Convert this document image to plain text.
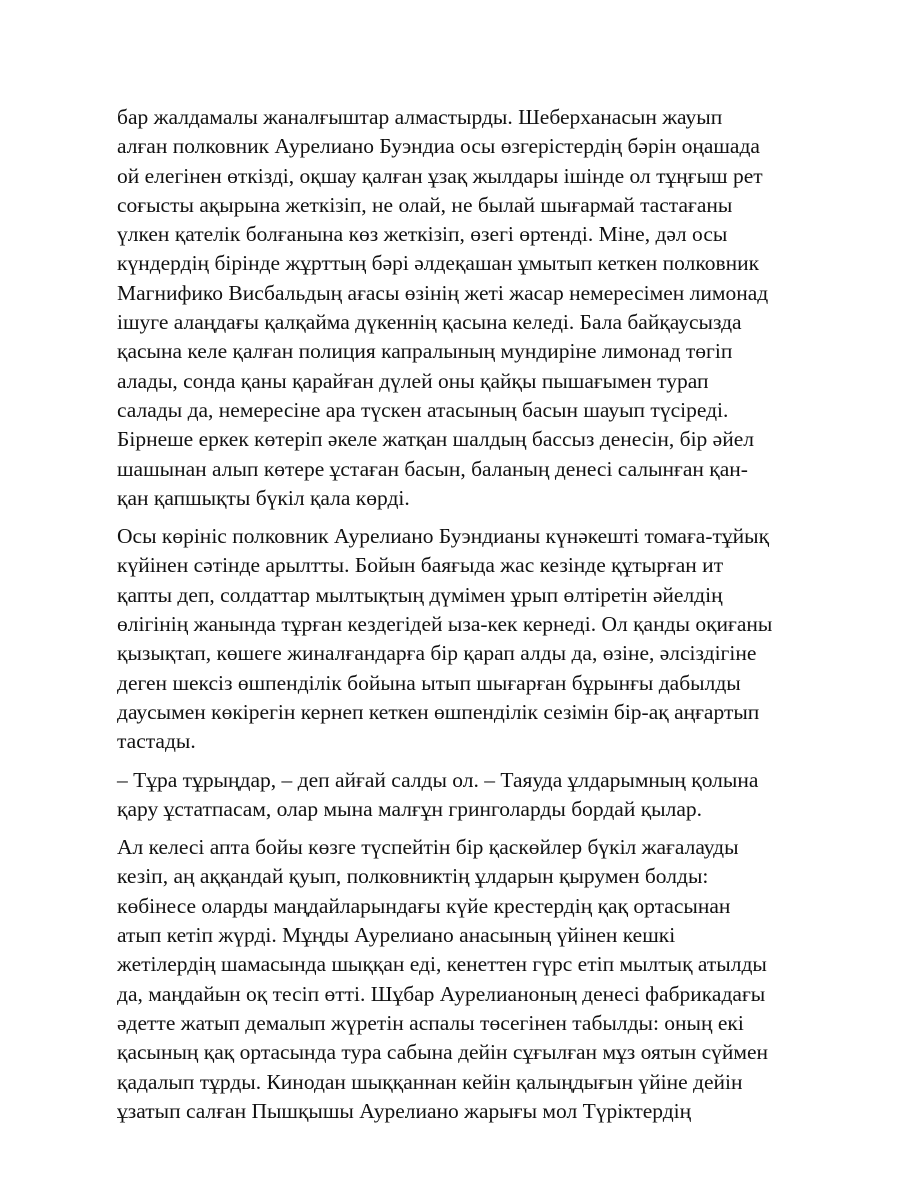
бар жалдамалы жаналғыштар алмастырды. Шеберханасын жауып
алған полковник Аурелиано Буэндиа осы өзгерістердің бәрін оңашада
ой елегінен өткізді, оқшау қалған ұзақ жылдары ішінде ол тұңғыш рет
соғысты ақырына жеткізіп, не олай, не былай шығармай тастағаны
үлкен қателік болғанына көз жеткізіп, өзегі өртенді. Міне, дәл осы
күндердің бірінде жұрттың бәрі әлдеқашан ұмытып кеткен полковник
Магнифико Висбальдың ағасы өзінің жеті жасар немересімен лимонад
ішуге алаңдағы қалқайма дүкеннің қасына келеді. Бала байқаусызда
қасына келе қалған полиция капралының мундиріне лимонад төгіп
алады, сонда қаны қарайған дүлей оны қайқы пышағымен турап
салады да, немересіне ара түскен атасының басын шауып түсіреді.
Бірнеше еркек көтеріп әкеле жатқан шалдың бассыз денесін, бір әйел
шашынан алып көтере ұстаған басын, баланың денесі салынған қан-
қан қапшықты бүкіл қала көрді.

Осы көрініс полковник Аурелиано Буэндианы күнәкешті томаға-тұйық
күйінен сәтінде арылтты. Бойын баяғыда жас кезінде құтырған ит
қапты деп, солдаттар мылтықтың дүмімен ұрып өлтіретін әйелдің
өлігінің жанында тұрған кездегідей ыза-кек кернеді. Ол қанды оқиғаны
қызықтап, көшеге жиналғандарға бір қарап алды да, өзіне, әлсіздігіне
деген шексіз өшпенділік бойына ытып шығарған бұрынғы дабылды
даусымен көкірегін кернеп кеткен өшпенділік сезімін бір-ақ аңғартып
тастады.

– Тұра тұрыңдар, – деп айғай салды ол. – Таяуда ұлдарымның қолына
қару ұстатпасам, олар мына малғұн гринголарды бордай қылар.

Ал келесі апта бойы көзге түспейтін бір қаскөйлер бүкіл жағалауды
кезіп, аң аққандай қуып, полковниктің ұлдарын қырумен болды:
көбінесе оларды маңдайларындағы күйе крестердің қақ ортасынан
атып кетіп жүрді. Мұңды Аурелиано анасының үйінен кешкі
жетілердің шамасында шыққан еді, кенеттен гүрс етіп мылтық атылды
да, маңдайын оқ тесіп өтті. Шұбар Аурелианоның денесі фабрикадағы
әдетте жатып демалып жүретін аспалы төсегінен табылды: оның екі
қасының қақ ортасында тура сабына дейін сұғылған мұз оятын сүймен
қадалып тұрды. Кинодан шыққаннан кейін қалыңдығын үйіне дейін
ұзатып салған Пышқышы Аурелиано жарығы мол Түріктердің
